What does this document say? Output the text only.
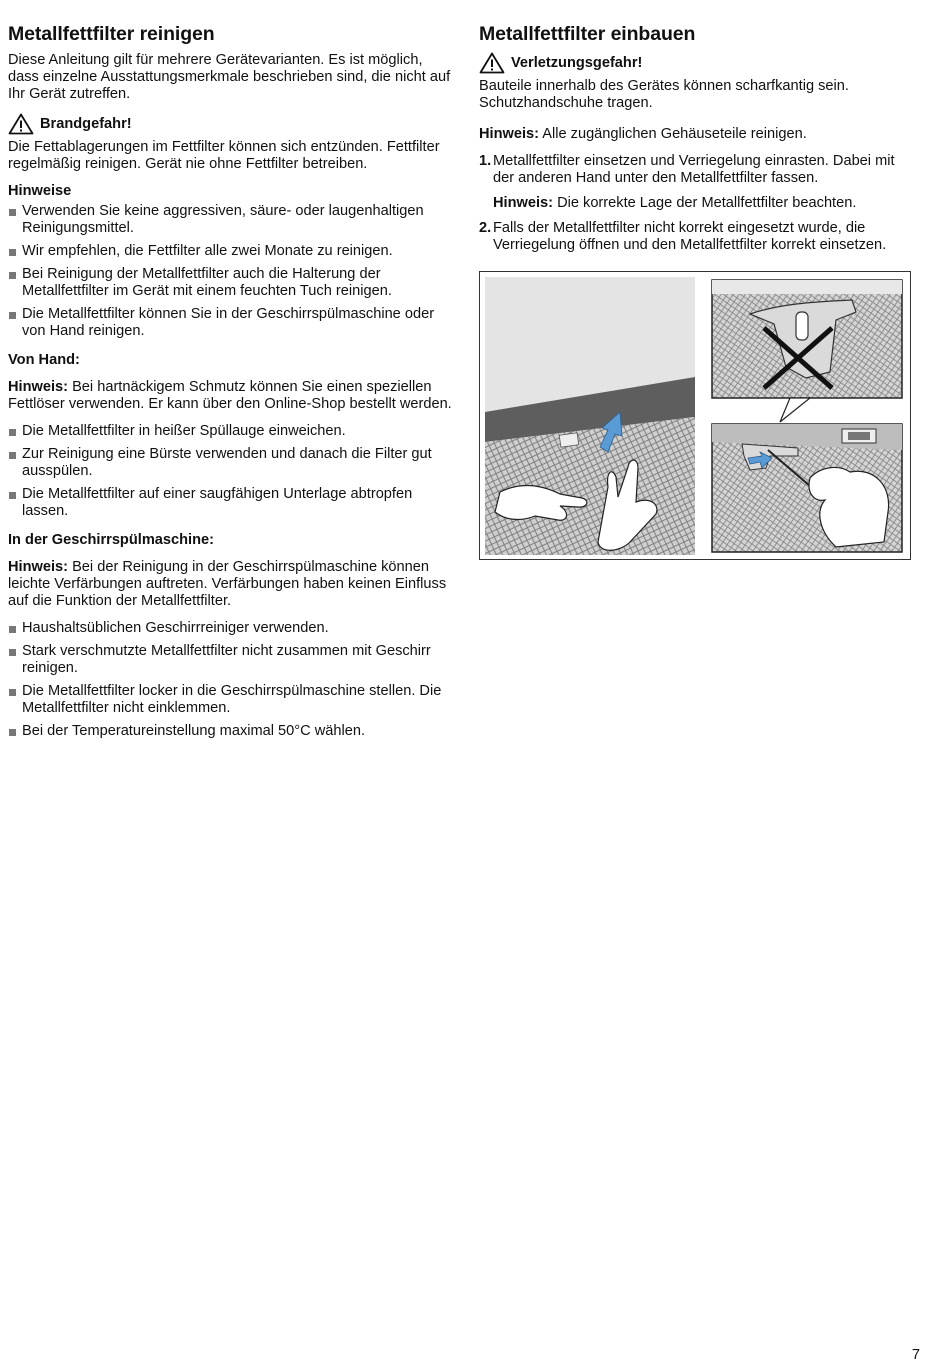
Metallfettfilter reinigen

Diese Anleitung gilt für mehrere Gerätevarianten. Es ist möglich, dass einzelne Ausstattungsmerkmale beschrieben sind, die nicht auf Ihr Gerät zutreffen.

Brandgefahr!

Die Fettablagerungen im Fettfilter können sich entzünden. Fettfilter regelmäßig reinigen. Gerät nie ohne Fettfilter betreiben.

Hinweise
Verwenden Sie keine aggressiven, säure- oder laugenhaltigen Reinigungsmittel.
Wir empfehlen, die Fettfilter alle zwei Monate zu reinigen.
Bei Reinigung der Metallfettfilter auch die Halterung der Metallfettfilter im Gerät mit einem feuchten Tuch reinigen.
Die Metallfettfilter können Sie in der Geschirrspülmaschine oder von Hand reinigen.
Von Hand:

Hinweis: Bei hartnäckigem Schmutz können Sie einen speziellen Fettlöser verwenden. Er kann über den Online-Shop bestellt werden.

Die Metallfettfilter in heißer Spüllauge einweichen.
Zur Reinigung eine Bürste verwenden und danach die Filter gut ausspülen.
Die Metallfettfilter auf einer saugfähigen Unterlage abtropfen lassen.
In der Geschirrspülmaschine:

Hinweis: Bei der Reinigung in der Geschirrspülmaschine können leichte Verfärbungen auftreten. Verfärbungen haben keinen Einfluss auf die Funktion der Metallfettfilter.

Haushaltsüblichen Geschirrreiniger verwenden.
Stark verschmutzte Metallfettfilter nicht zusammen mit Geschirr reinigen.
Die Metallfettfilter locker in die Geschirrspülmaschine stellen. Die Metallfettfilter nicht einklemmen.
Bei der Temperatureinstellung maximal 50°C wählen.
Metallfettfilter einbauen
Verletzungsgefahr!

Bauteile innerhalb des Gerätes können scharfkantig sein. Schutzhandschuhe tragen.

Hinweis: Alle zugänglichen Gehäuseteile reinigen.

1. Metallfettfilter einsetzen und Verriegelung einrasten. Dabei mit der anderen Hand unter den Metallfettfilter fassen.
Hinweis: Die korrekte Lage der Metallfettfilter beachten.
2. Falls der Metallfettfilter nicht korrekt eingesetzt wurde, die Verriegelung öffnen und den Metallfettfilter korrekt einsetzen.
7
